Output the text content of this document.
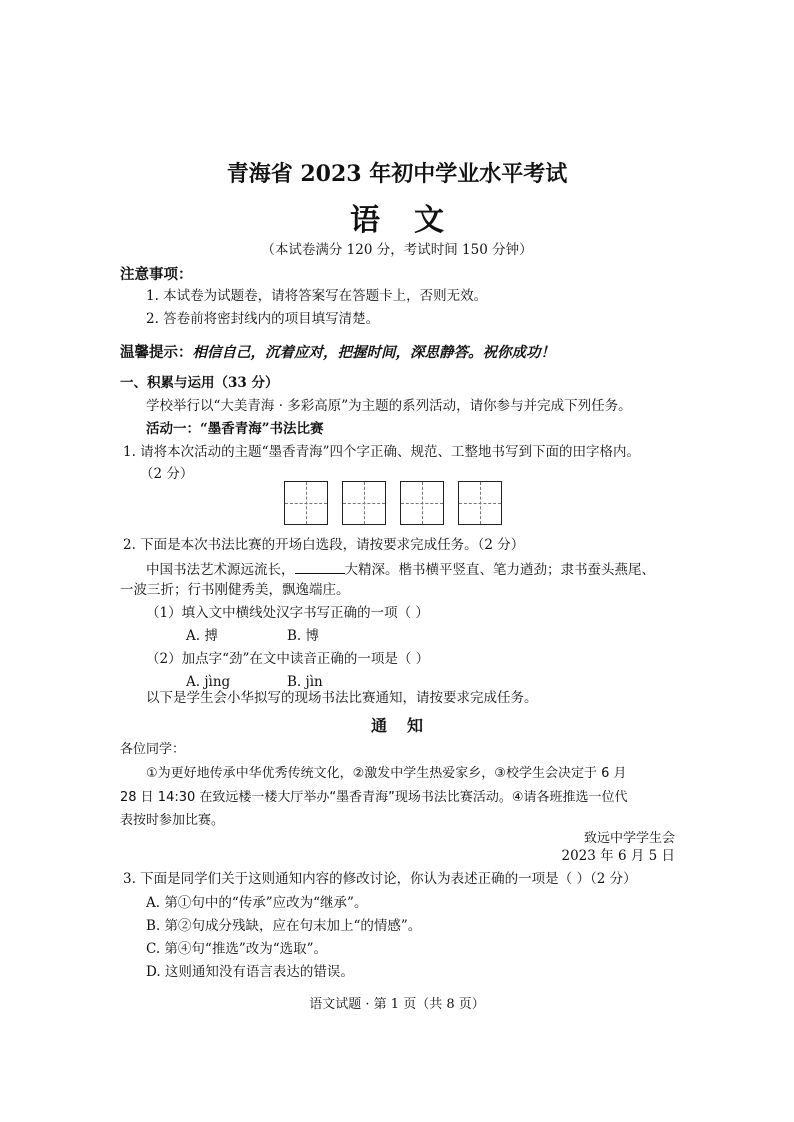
青海省 2023 年初中学业水平考试
语文
（本试卷满分 120 分，考试时间 150 分钟）
注意事项：
1. 本试卷为试题卷，请将答案写在答题卡上，否则无效。
2. 答卷前将密封线内的项目填写清楚。
温馨提示：相信自己，沉着应对，把握时间，深思静答。祝你成功！
一、积累与运用（33 分）
学校举行以“大美青海 · 多彩高原”为主题的系列活动，请你参与并完成下列任务。
活动一：“墨香青海”书法比赛
1. 请将本次活动的主题“墨香青海”四个字正确、规范、工整地书写到下面的田字格内。
（2 分）
2. 下面是本次书法比赛的开场白选段，请按要求完成任务。（2 分）
中国书法艺术源远流长，	大精深。楷书横平竖直、笔力遒劲；隶书蚕头燕尾、
一波三折；行书刚健秀美，飘逸端庄。
（1）填入文中横线处汉字书写正确的一项（ ）
A. 搏	B. 博
（2）加点字“劲”在文中读音正确的一项是（ ）
A. jìng	B. jìn
以下是学生会小华拟写的现场书法比赛通知，请按要求完成任务。
通知
各位同学：
①为更好地传承中华优秀传统文化，②激发中学生热爱家乡，③校学生会决定于 6 月
28 日 14:30 在致远楼一楼大厅举办“墨香青海”现场书法比赛活动。④请各班推选一位代
表按时参加比赛。
致远中学学生会
2023 年 6 月 5 日
3. 下面是同学们关于这则通知内容的修改讨论，你认为表述正确的一项是（ ）（2 分）
A. 第①句中的“传承”应改为“继承”。
B. 第②句成分残缺，应在句末加上“的情感”。
C. 第④句“推选”改为“选取”。
D. 这则通知没有语言表达的错误。
语文试题 · 第 1 页（共 8 页）
